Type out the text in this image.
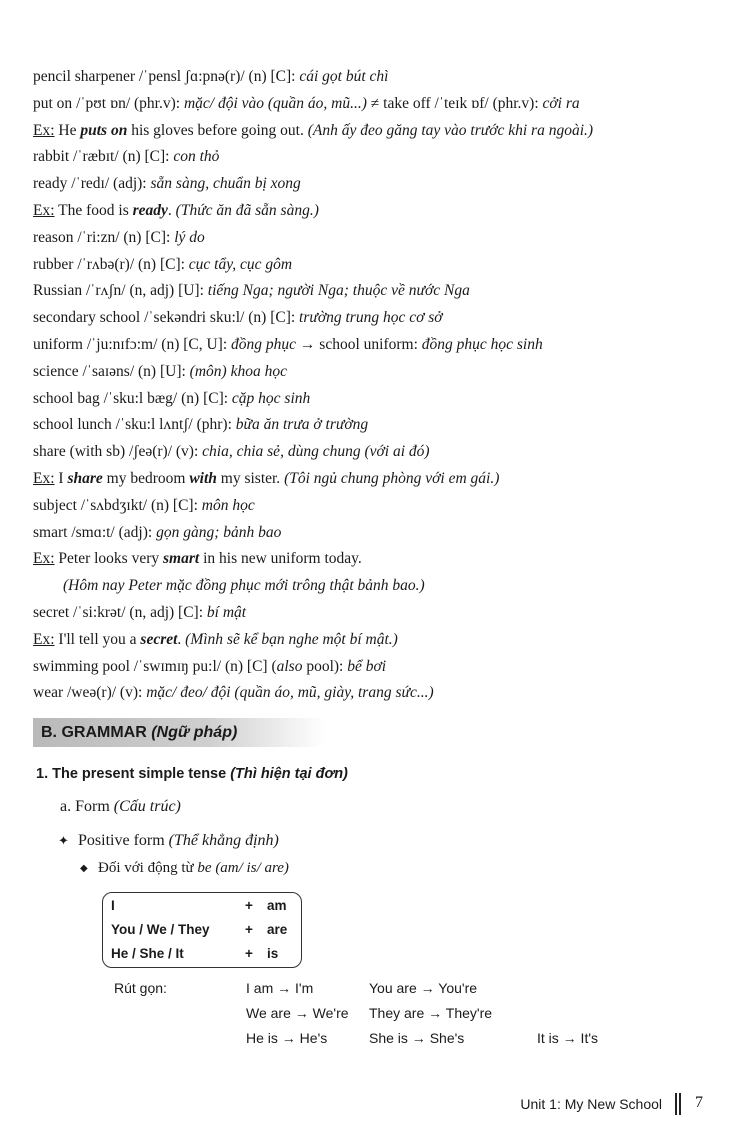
pencil sharpener /ˈpensl ʃɑ:pnə(r)/ (n) [C]: cái gọt bút chì
put on /ˈpʊt ɒn/ (phr.v): mặc/ đội vào (quần áo, mũ...) ≠ take off /ˈteɪk ɒf/ (phr.v): cởi ra
Ex: He puts on his gloves before going out. (Anh ấy đeo găng tay vào trước khi ra ngoài.)
rabbit /ˈræbɪt/ (n) [C]: con thỏ
ready /ˈredɪ/ (adj): sẵn sàng, chuẩn bị xong
Ex: The food is ready. (Thức ăn đã sẵn sàng.)
reason /ˈri:zn/ (n) [C]: lý do
rubber /ˈrʌbə(r)/ (n) [C]: cục tẩy, cục gôm
Russian /ˈrʌʃn/ (n, adj) [U]: tiếng Nga; người Nga; thuộc về nước Nga
secondary school /ˈsekəndri sku:l/ (n) [C]: trường trung học cơ sở
uniform /ˈju:nɪfɔ:m/ (n) [C, U]: đồng phục → school uniform: đồng phục học sinh
science /ˈsaɪəns/ (n) [U]: (môn) khoa học
school bag /ˈsku:l bæg/ (n) [C]: cặp học sinh
school lunch /ˈsku:l lʌntʃ/ (phr): bữa ăn trưa ở trường
share (with sb) /ʃeə(r)/ (v): chia, chia sẻ, dùng chung (với ai đó)
Ex: I share my bedroom with my sister. (Tôi ngủ chung phòng với em gái.)
subject /ˈsʌbdʒɪkt/ (n) [C]: môn học
smart /smɑ:t/ (adj): gọn gàng; bảnh bao
Ex: Peter looks very smart in his new uniform today.
(Hôm nay Peter mặc đồng phục mới trông thật bảnh bao.)
secret /ˈsi:krət/ (n, adj) [C]: bí mật
Ex: I'll tell you a secret. (Mình sẽ kể bạn nghe một bí mật.)
swimming pool /ˈswɪmɪŋ pu:l/ (n) [C] (also pool): bể bơi
wear /weə(r)/ (v): mặc/ đeo/ đội (quần áo, mũ, giày, trang sức...)
B. GRAMMAR (Ngữ pháp)
1. The present simple tense (Thì hiện tại đơn)
a. Form (Cấu trúc)
✦ Positive form (Thể khẳng định)
◆ Đối với động từ be (am/ is/ are)
I	+ am
You / We / They	+ are
He / She / It	+ is
Rút gọn:	I am → I'm	You are → You're
We are → We're They are → They're
He is → He's	She is → She's	It is → It's
Unit 1: My New School 7
